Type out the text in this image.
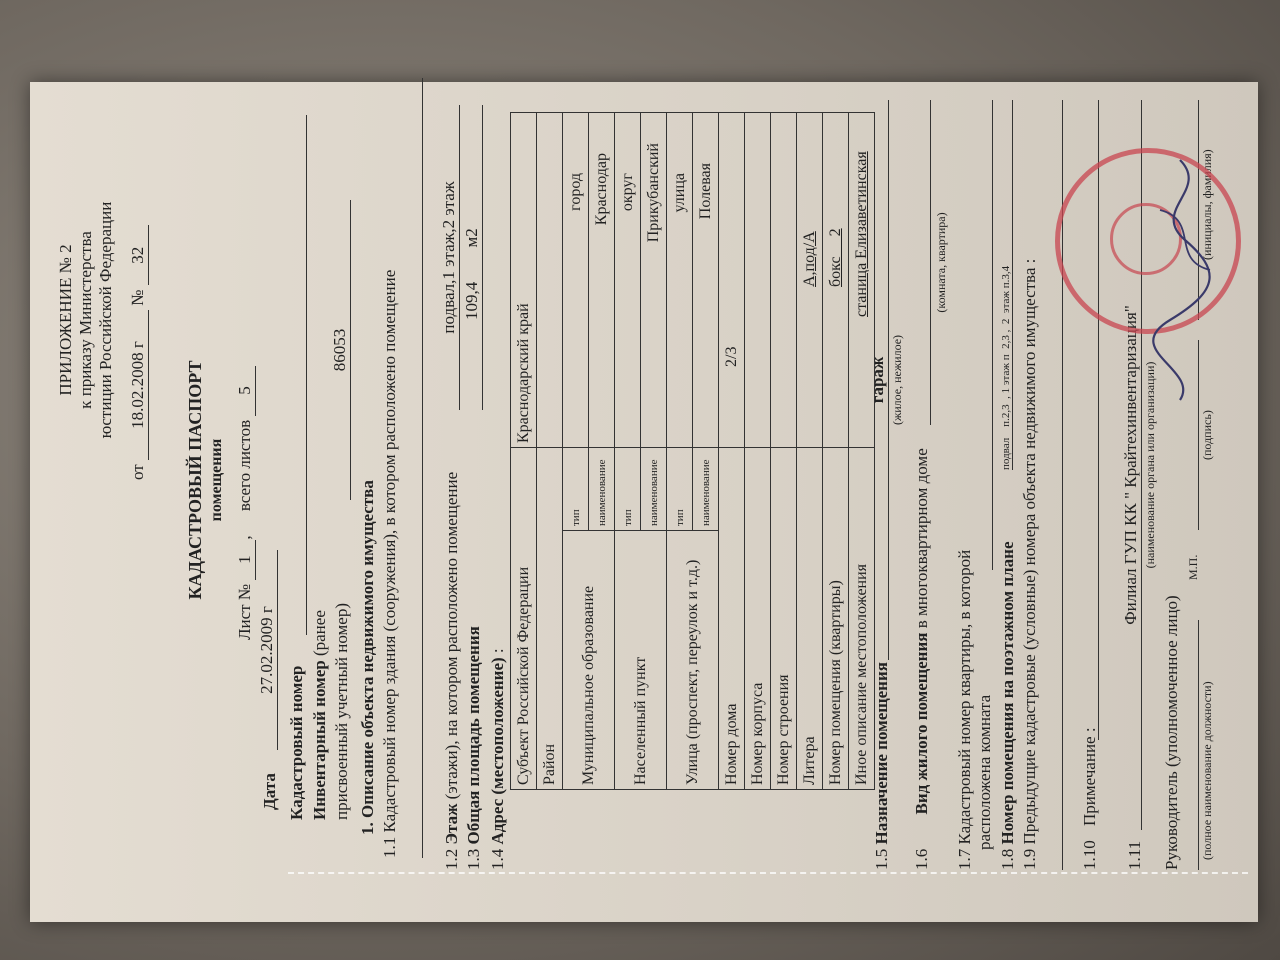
ПРИЛОЖЕНИЕ № 2 к приказу Министерства юстиции Российской Федерации
от 18.02.2008 г № 32
КАДАСТРОВЫЙ ПАСПОРТ помещения
Лист № 1, всего листов 5
Дата
27.02.2009 г
Кадастровый номер Инвентарный номер (ранее присвоенный учетный номер)
86053
1. Описание объекта недвижимого имущества
1.1 Кадастровый номер здания (сооружения), в котором расположено помещение
1.2 Этаж (этажи), на котором расположено помещение
подвал,1 этаж,2 этаж
1.3 Общая площадь помещения
109,4 м2
1.4 Адрес (местоположение) : Субъект Российской Федерации		Краснодарский край
Район		
Муниципальное образование	тип	город
	наименование	Краснодар
Населенный пункт	тип	округ
	наименование	Прикубанский
Улица (проспект, переулок и т.д.)	тип	улица
	наименование	Полевая
Номер дома		2/3
Номер корпуса		
Номер строения		
Литера		А,под/А
Номер помещения (квартиры)		бокс     2
Иное описание местоположения		станица Елизаветинская
1.5 Назначение помещения
гараж (жилое, нежилое)
1.6 Вид жилого помещения в многоквартирном доме
(комната, квартира)
1.7 Кадастровый номер квартиры, в которой расположена комната
1.8 Номер помещения на поэтажном плане
подвал    п.2,3  , 1 этаж п  2,3 ,  2  этаж п.3,4
1.9 Предыдущие кадастровые (условные) номера объекта недвижимого имущества :
1.10 Примечание :
1.11
Филиал ГУП КК " Крайтехинвентаризация" (наименование органа или организации)
Руководитель (уполномоченное лицо) (полное наименование должности)
М.П.
(подпись)
(инициалы, фамилия)
